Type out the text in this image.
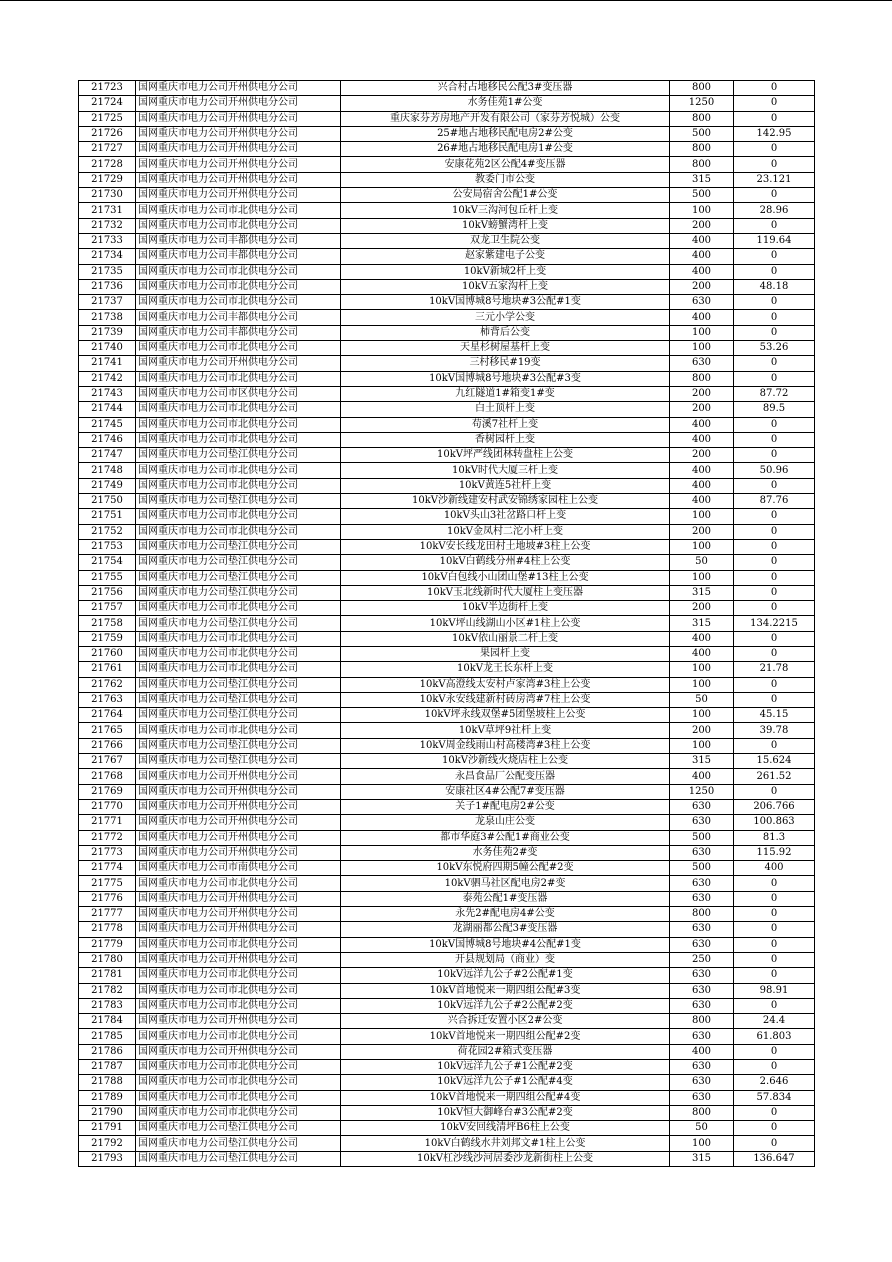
21723	国网重庆市电力公司开州供电分公司	兴合村占地移民公配3#变压器	800	0
21724	国网重庆市电力公司开州供电分公司	水务佳苑1#公变	1250	0
21725	国网重庆市电力公司开州供电分公司	重庆家芬芳房地产开发有限公司（家芬芳悦城）公变	800	0
21726	国网重庆市电力公司开州供电分公司	25#地占地移民配电房2#公变	500	142.95
21727	国网重庆市电力公司开州供电分公司	26#地占地移民配电房1#公变	800	0
21728	国网重庆市电力公司开州供电分公司	安康花苑2区公配4#变压器	800	0
21729	国网重庆市电力公司开州供电分公司	教委门市公变	315	23.121
21730	国网重庆市电力公司开州供电分公司	公安局宿舍公配1#公变	500	0
21731	国网重庆市电力公司市北供电分公司	10kV三沟河包丘杆上变	100	28.96
21732	国网重庆市电力公司市北供电分公司	10kV螃蟹湾杆上变	200	0
21733	国网重庆市电力公司丰都供电分公司	双龙卫生院公变	400	119.64
21734	国网重庆市电力公司丰都供电分公司	赵家紫建电子公变	400	0
21735	国网重庆市电力公司市北供电分公司	10kV新城2杆上变	400	0
21736	国网重庆市电力公司市北供电分公司	10kV五家沟杆上变	200	48.18
21737	国网重庆市电力公司市北供电分公司	10kV国博城8号地块#3公配#1变	630	0
21738	国网重庆市电力公司丰都供电分公司	三元小学公变	400	0
21739	国网重庆市电力公司丰都供电分公司	柿背后公变	100	0
21740	国网重庆市电力公司市北供电分公司	天星杉树屋基杆上变	100	53.26
21741	国网重庆市电力公司开州供电分公司	三村移民#19变	630	0
21742	国网重庆市电力公司市北供电分公司	10kV国博城8号地块#3公配#3变	800	0
21743	国网重庆市电力公司市区供电分公司	九红隧道1#箱变1#变	200	87.72
21744	国网重庆市电力公司市北供电分公司	白土顶杆上变	200	89.5
21745	国网重庆市电力公司市北供电分公司	苟溪7社杆上变	400	0
21746	国网重庆市电力公司市北供电分公司	香树园杆上变	400	0
21747	国网重庆市电力公司垫江供电分公司	10kV坪严线团林转盘柱上公变	200	0
21748	国网重庆市电力公司市北供电分公司	10kV时代大厦三杆上变	400	50.96
21749	国网重庆市电力公司市北供电分公司	10kV黄连5社杆上变	400	0
21750	国网重庆市电力公司垫江供电分公司	10kV沙新线建安村武安锦绣家园柱上公变	400	87.76
21751	国网重庆市电力公司市北供电分公司	10kV头山3社岔路口杆上变	100	0
21752	国网重庆市电力公司市北供电分公司	10kV金凤村二沱小杆上变	200	0
21753	国网重庆市电力公司垫江供电分公司	10kV安长线龙田村土地坡#3柱上公变	100	0
21754	国网重庆市电力公司垫江供电分公司	10kV白鹤线分州#4柱上公变	50	0
21755	国网重庆市电力公司垫江供电分公司	10kV白包线小山团山堡#13柱上公变	100	0
21756	国网重庆市电力公司垫江供电分公司	10kV玉北线新时代大厦柱上变压器	315	0
21757	国网重庆市电力公司市北供电分公司	10kV半边街杆上变	200	0
21758	国网重庆市电力公司垫江供电分公司	10kV坪山线湖山小区#1柱上公变	315	134.2215
21759	国网重庆市电力公司市北供电分公司	10kV依山丽景二杆上变	400	0
21760	国网重庆市电力公司市北供电分公司	果园杆上变	400	0
21761	国网重庆市电力公司市北供电分公司	10kV龙王长东杆上变	100	21.78
21762	国网重庆市电力公司垫江供电分公司	10kV高澄线太安村卢家湾#3柱上公变	100	0
21763	国网重庆市电力公司垫江供电分公司	10kV永安线建新村砖房湾#7柱上公变	50	0
21764	国网重庆市电力公司垫江供电分公司	10kV坪永线双堡#5团堡坡柱上公变	100	45.15
21765	国网重庆市电力公司市北供电分公司	10kV草坪9社杆上变	200	39.78
21766	国网重庆市电力公司垫江供电分公司	10kV周金线雨山村高楼湾#3柱上公变	100	0
21767	国网重庆市电力公司垫江供电分公司	10kV沙新线火烧店柱上公变	315	15.624
21768	国网重庆市电力公司开州供电分公司	永昌食品厂公配变压器	400	261.52
21769	国网重庆市电力公司开州供电分公司	安康社区4#公配7#变压器	1250	0
21770	国网重庆市电力公司开州供电分公司	关子1#配电房2#公变	630	206.766
21771	国网重庆市电力公司开州供电分公司	龙泉山庄公变	630	100.863
21772	国网重庆市电力公司开州供电分公司	都市华庭3#公配1#商业公变	500	81.3
21773	国网重庆市电力公司开州供电分公司	水务佳苑2#变	630	115.92
21774	国网重庆市电力公司市南供电分公司	10kV东悦府四期5幢公配#2变	500	400
21775	国网重庆市电力公司市北供电分公司	10kV驷马社区配电房2#变	630	0
21776	国网重庆市电力公司开州供电分公司	泰苑公配1#变压器	630	0
21777	国网重庆市电力公司开州供电分公司	永先2#配电房4#公变	800	0
21778	国网重庆市电力公司开州供电分公司	龙湖丽都公配3#变压器	630	0
21779	国网重庆市电力公司市北供电分公司	10kV国博城8号地块#4公配#1变	630	0
21780	国网重庆市电力公司开州供电分公司	开县规划局（商业）变	250	0
21781	国网重庆市电力公司市北供电分公司	10kV远洋九公子#2公配#1变	630	0
21782	国网重庆市电力公司市北供电分公司	10kV首地悦来一期四组公配#3变	630	98.91
21783	国网重庆市电力公司市北供电分公司	10kV远洋九公子#2公配#2变	630	0
21784	国网重庆市电力公司开州供电分公司	兴合拆迁安置小区2#公变	800	24.4
21785	国网重庆市电力公司市北供电分公司	10kV首地悦来一期四组公配#2变	630	61.803
21786	国网重庆市电力公司开州供电分公司	荷花园2#箱式变压器	400	0
21787	国网重庆市电力公司市北供电分公司	10kV远洋九公子#1公配#2变	630	0
21788	国网重庆市电力公司市北供电分公司	10kV远洋九公子#1公配#4变	630	2.646
21789	国网重庆市电力公司市北供电分公司	10kV首地悦来一期四组公配#4变	630	57.834
21790	国网重庆市电力公司市北供电分公司	10kV恒大御峰台#3公配#2变	800	0
21791	国网重庆市电力公司垫江供电分公司	10kV安回线清坪B6柱上公变	50	0
21792	国网重庆市电力公司垫江供电分公司	10kV白鹤线水井刘邦文#1柱上公变	100	0
21793	国网重庆市电力公司垫江供电分公司	10kV杠沙线沙河居委沙龙新街柱上公变	315	136.647
